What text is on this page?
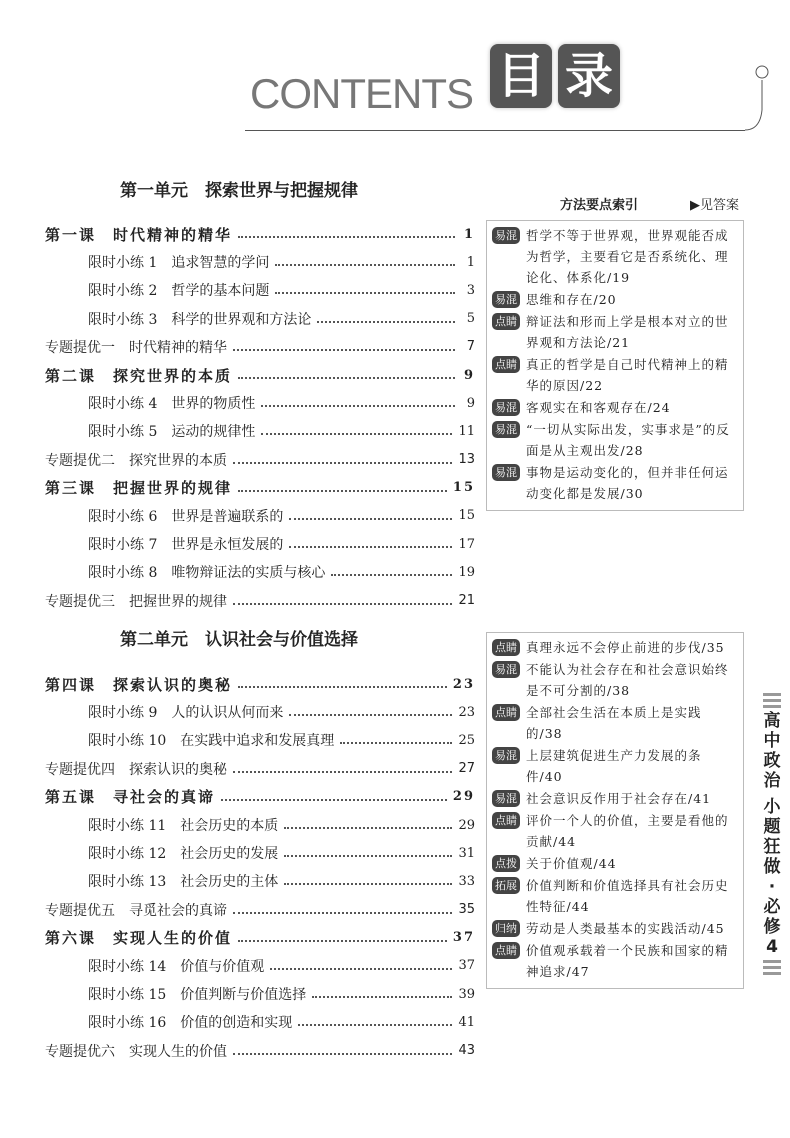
CONTENTS 目 录
第一单元　探索世界与把握规律
第一课　时代精神的精华	1
限时小练 1　追求智慧的学问	1
限时小练 2　哲学的基本问题	3
限时小练 3　科学的世界观和方法论	5
专题提优一　时代精神的精华	7
第二课　探究世界的本质	9
限时小练 4　世界的物质性	9
限时小练 5　运动的规律性	11
专题提优二　探究世界的本质	13
第三课　把握世界的规律	15
限时小练 6　世界是普遍联系的	15
限时小练 7　世界是永恒发展的	17
限时小练 8　唯物辩证法的实质与核心	19
专题提优三　把握世界的规律	21
第二单元　认识社会与价值选择
第四课　探索认识的奥秘	23
限时小练 9　人的认识从何而来	23
限时小练 10　在实践中追求和发展真理	25
专题提优四　探索认识的奥秘	27
第五课　寻社会的真谛	29
限时小练 11　社会历史的本质	29
限时小练 12　社会历史的发展	31
限时小练 13　社会历史的主体	33
专题提优五　寻觅社会的真谛	35
第六课　实现人生的价值	37
限时小练 14　价值与价值观	37
限时小练 15　价值判断与价值选择	39
限时小练 16　价值的创造和实现	41
专题提优六　实现人生的价值	43
方法要点索引	▶见答案
易混 哲学不等于世界观，世界观能否成为哲学，主要看它是否系统化、理论化、体系化/19
易混 思维和存在/20
点睛 辩证法和形而上学是根本对立的世界观和方法论/21
点睛 真正的哲学是自己时代精神上的精华的原因/22
易混 客观实在和客观存在/24
易混 “一切从实际出发，实事求是”的反面是从主观出发/28
易混 事物是运动变化的，但并非任何运动变化都是发展/30
点睛 真理永远不会停止前进的步伐/35
易混 不能认为社会存在和社会意识始终是不可分割的/38
点睛 全部社会生活在本质上是实践的/38
易混 上层建筑促进生产力发展的条件/40
易混 社会意识反作用于社会存在/41
点睛 评价一个人的价值，主要是看他的贡献/44
点拨 关于价值观/44
拓展 价值判断和价值选择具有社会历史性特征/44
归纳 劳动是人类最基本的实践活动/45
点睛 价值观承载着一个民族和国家的精神追求/47
高
中
政
治
小
题
狂
做
·
必
修
4
